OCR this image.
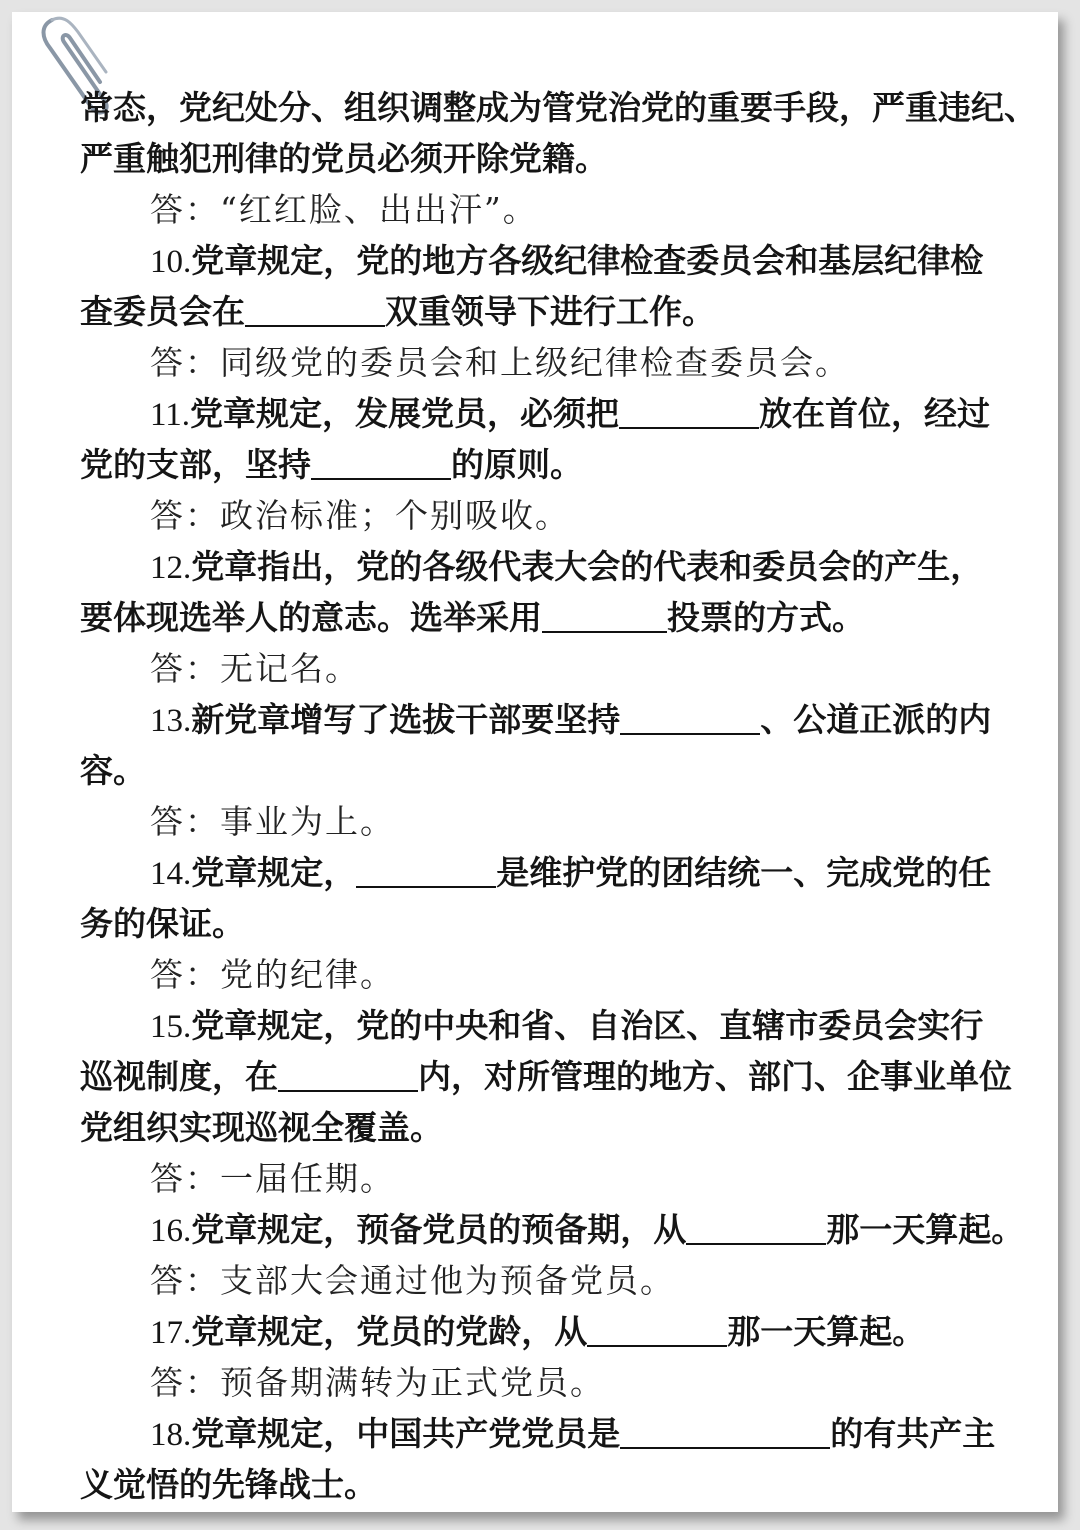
常态，党纪处分、组织调整成为管党治党的重要手段，严重违纪、
严重触犯刑律的党员必须开除党籍。
答：“红红脸、出出汗”。
10.党章规定，党的地方各级纪律检查委员会和基层纪律检
查委员会在	双重领导下进行工作。
答：同级党的委员会和上级纪律检查委员会。
11.党章规定，发展党员，必须把	放在首位，经过
党的支部，坚持	的原则。
答：政治标准；个别吸收。
12.党章指出，党的各级代表大会的代表和委员会的产生，
要体现选举人的意志。选举采用	投票的方式。
答：无记名。
13.新党章增写了选拔干部要坚持	、公道正派的内
容。
答：事业为上。
14.党章规定，	是维护党的团结统一、完成党的任
务的保证。
答：党的纪律。
15.党章规定，党的中央和省、自治区、直辖市委员会实行
巡视制度，在	内，对所管理的地方、部门、企事业单位
党组织实现巡视全覆盖。
答：一届任期。
16.党章规定，预备党员的预备期，从	那一天算起。
答：支部大会通过他为预备党员。
17.党章规定，党员的党龄，从	那一天算起。
答：预备期满转为正式党员。
18.党章规定，中国共产党党员是	的有共产主
义觉悟的先锋战士。
